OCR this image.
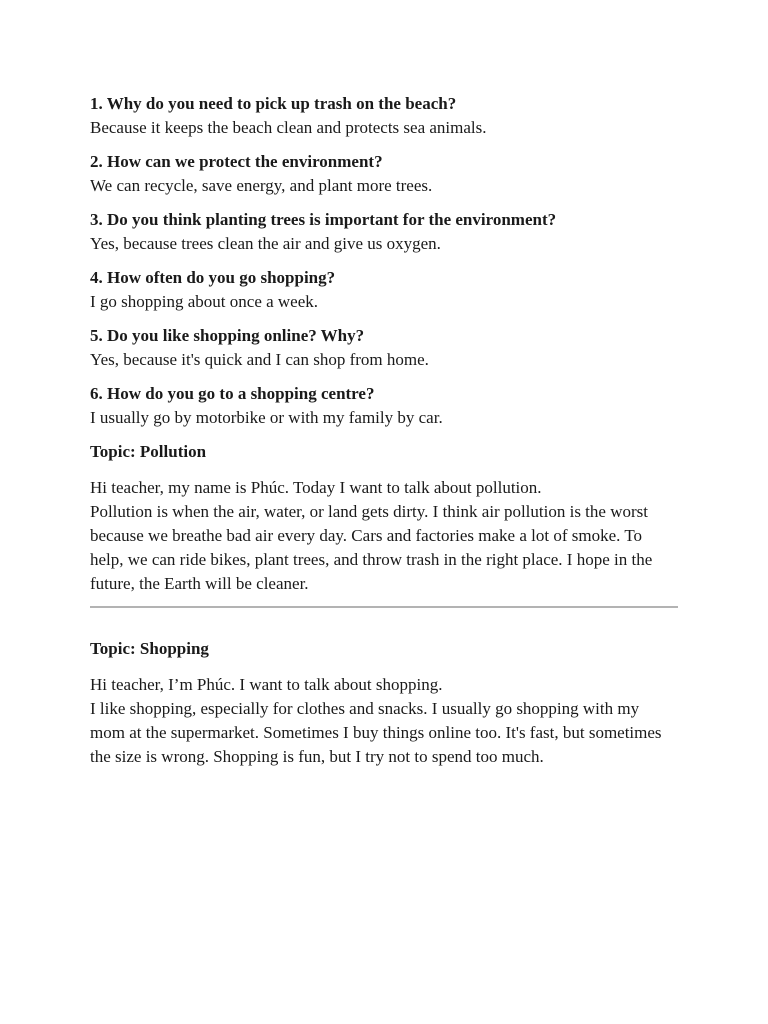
1. Why do you need to pick up trash on the beach?

Because it keeps the beach clean and protects sea animals.

2. How can we protect the environment?

We can recycle, save energy, and plant more trees.

3. Do you think planting trees is important for the environment?

Yes, because trees clean the air and give us oxygen.

4. How often do you go shopping?

I go shopping about once a week.

5. Do you like shopping online? Why?

Yes, because it's quick and I can shop from home.

6. How do you go to a shopping centre?

I usually go by motorbike or with my family by car.

Topic: Pollution

Hi teacher, my name is Phúc. Today I want to talk about pollution.

Pollution is when the air, water, or land gets dirty. I think air pollution is the worst because we breathe bad air every day. Cars and factories make a lot of smoke. To help, we can ride bikes, plant trees, and throw trash in the right place. I hope in the future, the Earth will be cleaner.

Topic: Shopping

Hi teacher, I’m Phúc. I want to talk about shopping.

I like shopping, especially for clothes and snacks. I usually go shopping with my mom at the supermarket. Sometimes I buy things online too. It's fast, but sometimes the size is wrong. Shopping is fun, but I try not to spend too much.
